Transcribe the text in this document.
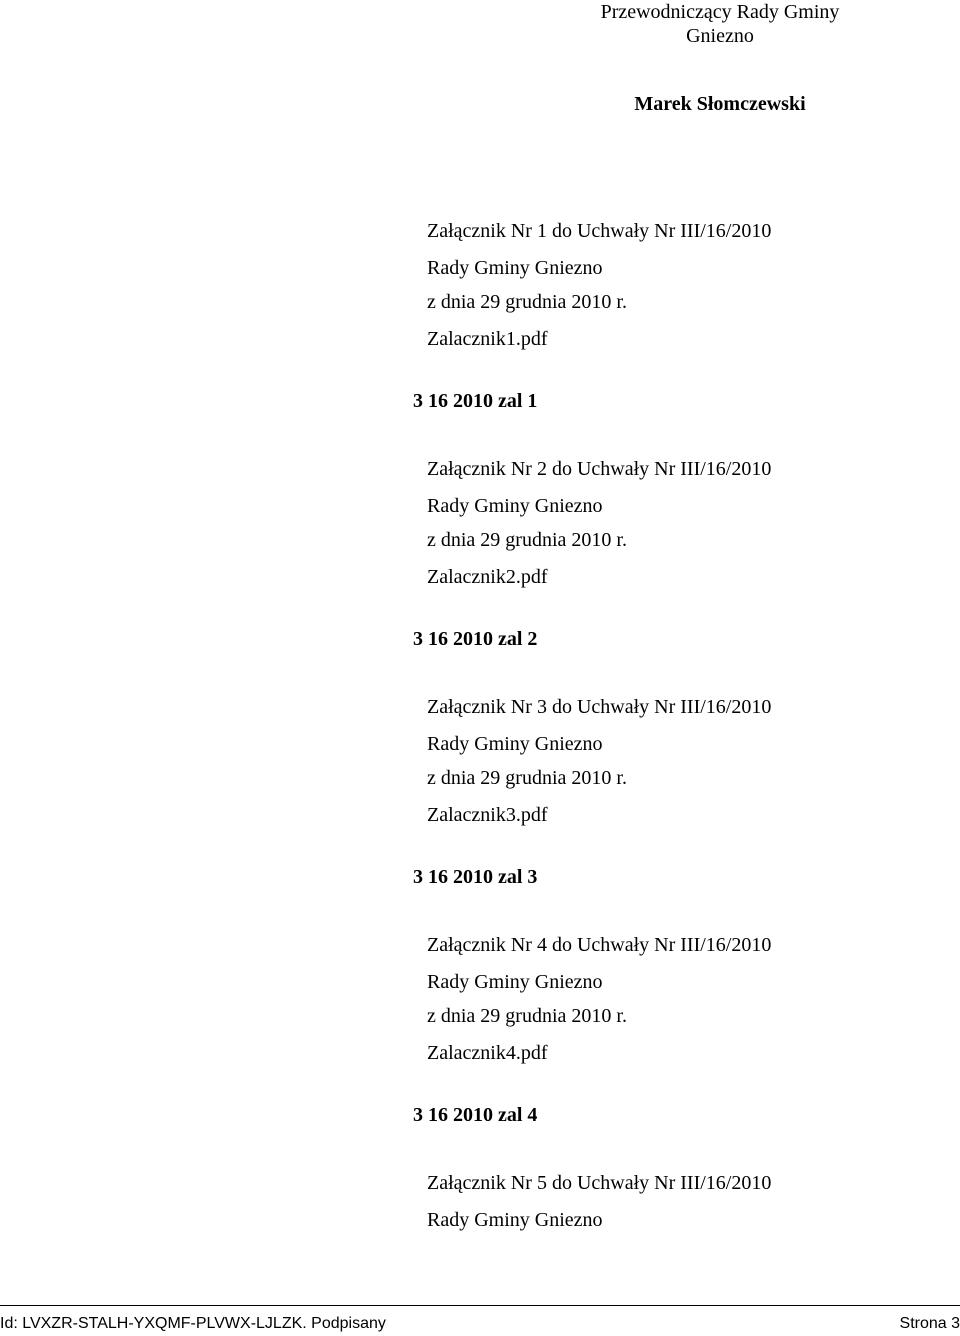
Przewodniczący Rady Gminy
Gniezno
Marek Słomczewski
Załącznik Nr 1 do Uchwały Nr III/16/2010
Rady Gminy Gniezno
z dnia 29 grudnia 2010 r.
Zalacznik1.pdf
3 16 2010 zal 1
Załącznik Nr 2 do Uchwały Nr III/16/2010
Rady Gminy Gniezno
z dnia 29 grudnia 2010 r.
Zalacznik2.pdf
3 16 2010 zal 2
Załącznik Nr 3 do Uchwały Nr III/16/2010
Rady Gminy Gniezno
z dnia 29 grudnia 2010 r.
Zalacznik3.pdf
3 16 2010 zal 3
Załącznik Nr 4 do Uchwały Nr III/16/2010
Rady Gminy Gniezno
z dnia 29 grudnia 2010 r.
Zalacznik4.pdf
3 16 2010 zal 4
Załącznik Nr 5 do Uchwały Nr III/16/2010
Rady Gminy Gniezno
Id: LVXZR-STALH-YXQMF-PLVWX-LJLZK. Podpisany	Strona 3
